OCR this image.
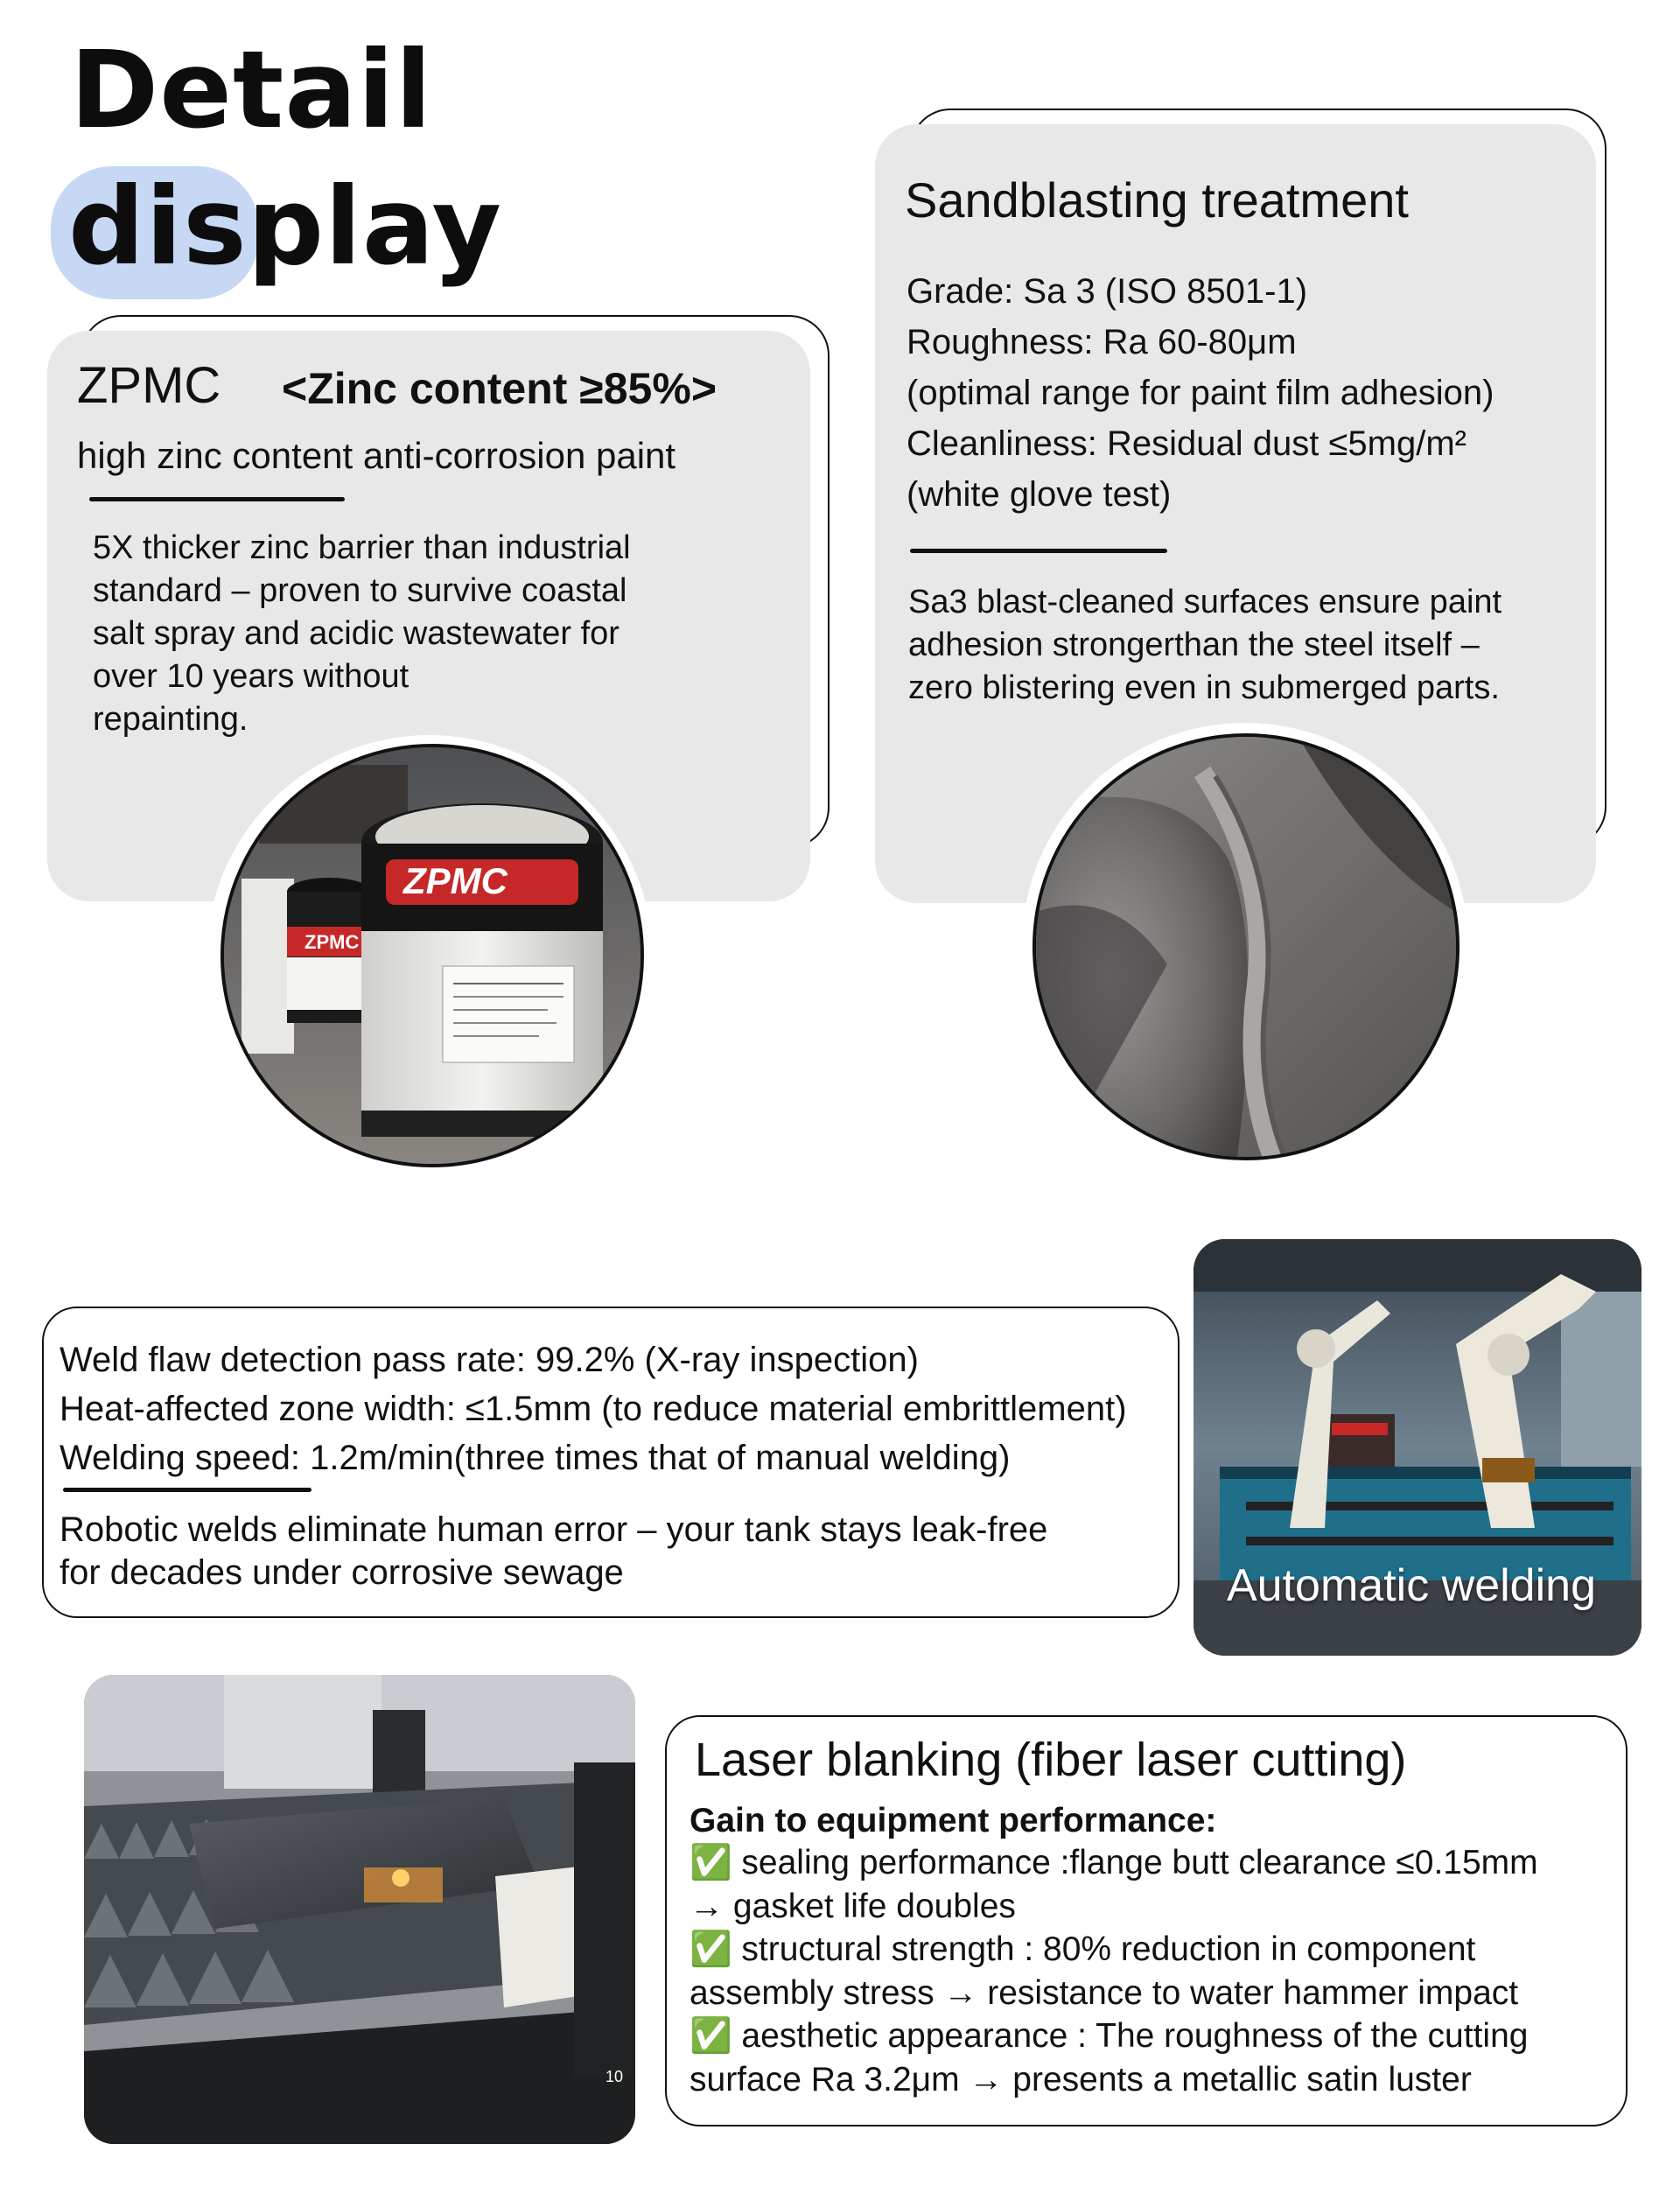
Detail
display
ZPMC <Zinc content ≥85%>
high zinc content anti-corrosion paint
5X thicker zinc barrier than industrial
standard – proven to survive coastal
salt spray and acidic wastewater for
over 10 years without
repainting.
ZPMC
ZPMC
Sandblasting treatment
Grade: Sa 3 (ISO 8501-1)
Roughness: Ra 60-80μm
(optimal range for paint film adhesion)
Cleanliness: Residual dust ≤5mg/m²
(white glove test)
Sa3 blast-cleaned surfaces ensure paint
adhesion strongerthan the steel itself –
zero blistering even in submerged parts.
Weld flaw detection pass rate: 99.2% (X-ray inspection)
Heat-affected zone width: ≤1.5mm (to reduce material embrittlement)
Welding speed: 1.2m/min(three times that of manual welding)
Robotic welds eliminate human error – your tank stays leak-free
for decades under corrosive sewage	Automatic welding
10
Laser blanking (fiber laser cutting)
Gain to equipment performance:
✅ sealing performance :flange butt clearance ≤0.15mm
→ gasket life doubles
✅ structural strength : 80% reduction in component
assembly stress → resistance to water hammer impact
✅ aesthetic appearance : The roughness of the cutting
surface Ra 3.2μm → presents a metallic satin luster
